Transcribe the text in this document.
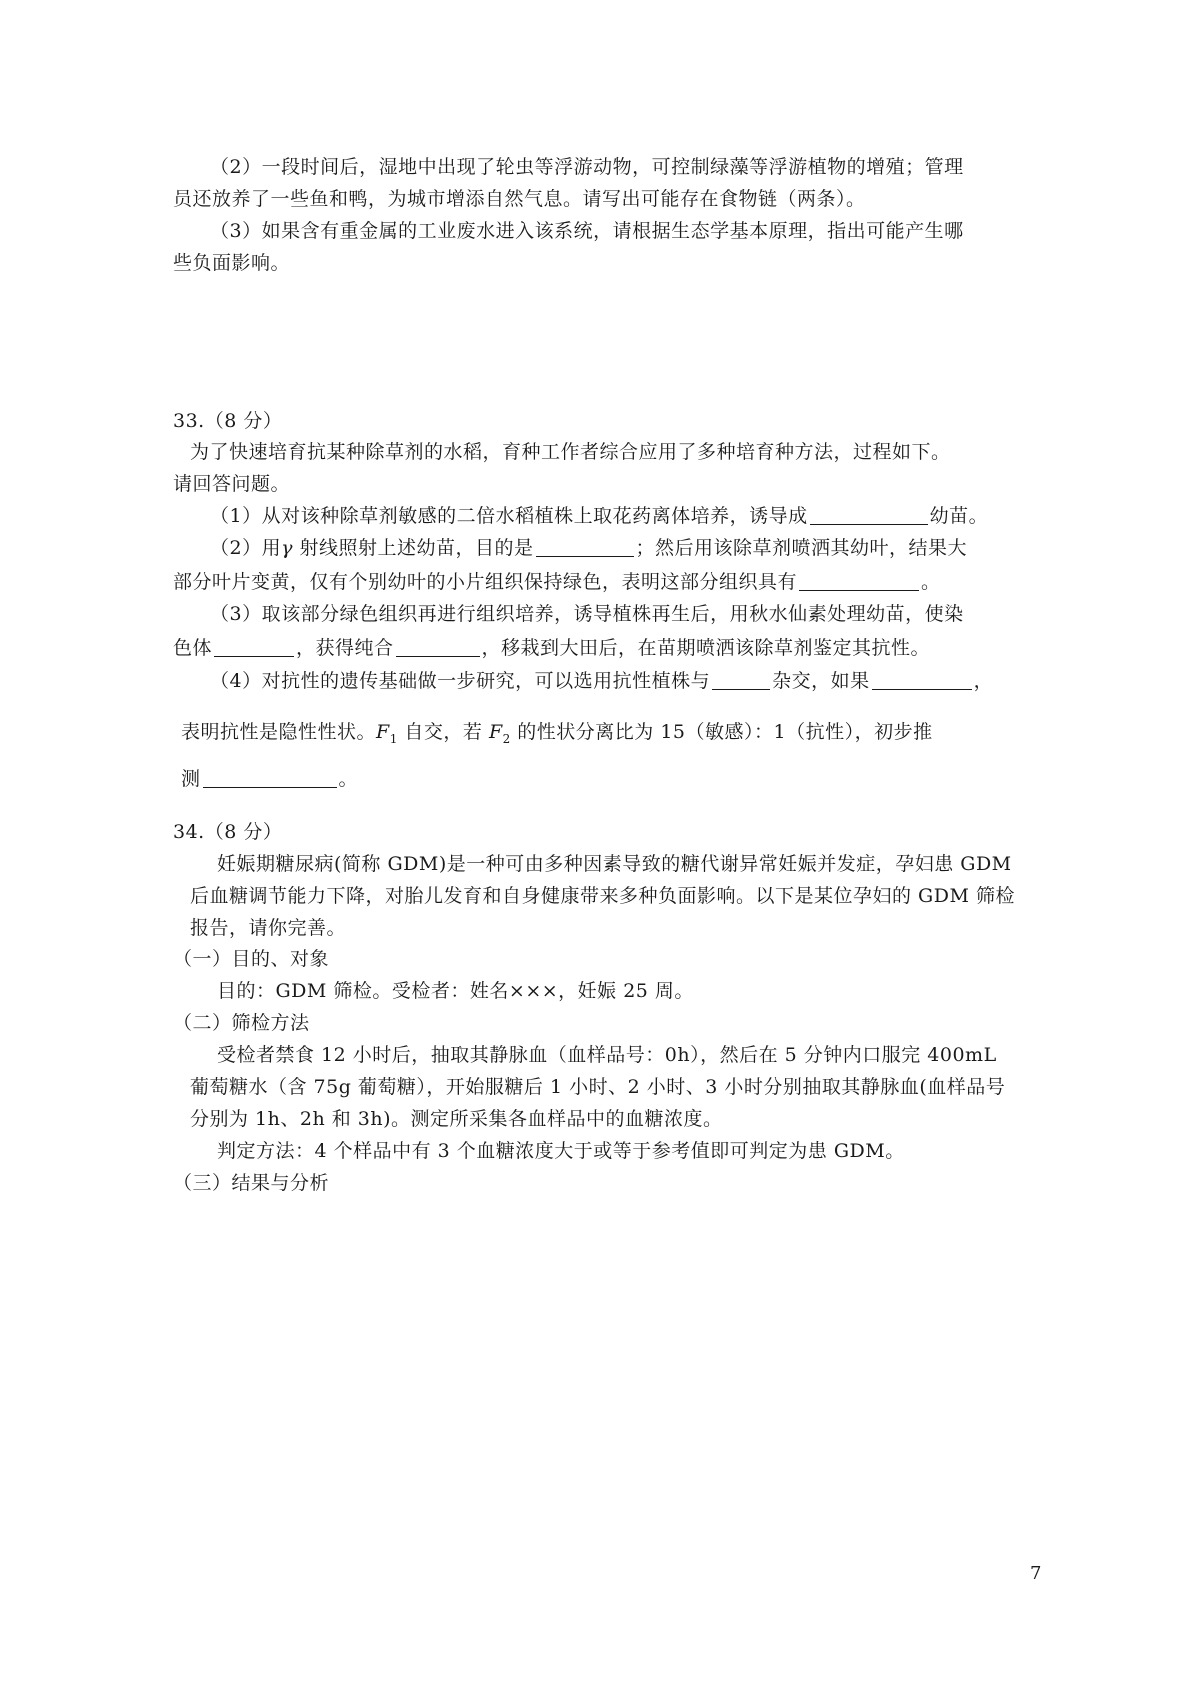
（2）一段时间后，湿地中出现了轮虫等浮游动物，可控制绿藻等浮游植物的增殖；管理
员还放养了一些鱼和鸭，为城市增添自然气息。请写出可能存在食物链（两条）。
（3）如果含有重金属的工业废水进入该系统，请根据生态学基本原理，指出可能产生哪
些负面影响。
33.（8 分）
为了快速培育抗某种除草剂的水稻，育种工作者综合应用了多种培育种方法，过程如下。
请回答问题。
（1）从对该种除草剂敏感的二倍水稻植株上取花药离体培养，诱导成	幼苗。
（2）用γ 射线照射上述幼苗，目的是	；然后用该除草剂喷洒其幼叶，结果大
部分叶片变黄，仅有个别幼叶的小片组织保持绿色，表明这部分组织具有	。
（3）取该部分绿色组织再进行组织培养，诱导植株再生后，用秋水仙素处理幼苗，使染
色体	，获得纯合	，移栽到大田后，在苗期喷洒该除草剂鉴定其抗性。
（4）对抗性的遗传基础做一步研究，可以选用抗性植株与	杂交，如果	，
表明抗性是隐性性状。$F_1$ 自交，若 $F_2$ 的性状分离比为 15（敏感）：1（抗性），初步推
测	。
34.（8 分）
妊娠期糖尿病(简称 GDM)是一种可由多种因素导致的糖代谢异常妊娠并发症，孕妇患 GDM
后血糖调节能力下降，对胎儿发育和自身健康带来多种负面影响。以下是某位孕妇的 GDM 筛检
报告，请你完善。
（一）目的、对象
目的：GDM 筛检。受检者：姓名×××，妊娠 25 周。
（二）筛检方法
受检者禁食 12 小时后，抽取其静脉血（血样品号：0h），然后在 5 分钟内口服完 400mL
葡萄糖水（含 75g 葡萄糖），开始服糖后 1 小时、2 小时、3 小时分别抽取其静脉血(血样品号
分别为 1h、2h 和 3h)。测定所采集各血样品中的血糖浓度。
判定方法：4 个样品中有 3 个血糖浓度大于或等于参考值即可判定为患 GDM。
（三）结果与分析
7
